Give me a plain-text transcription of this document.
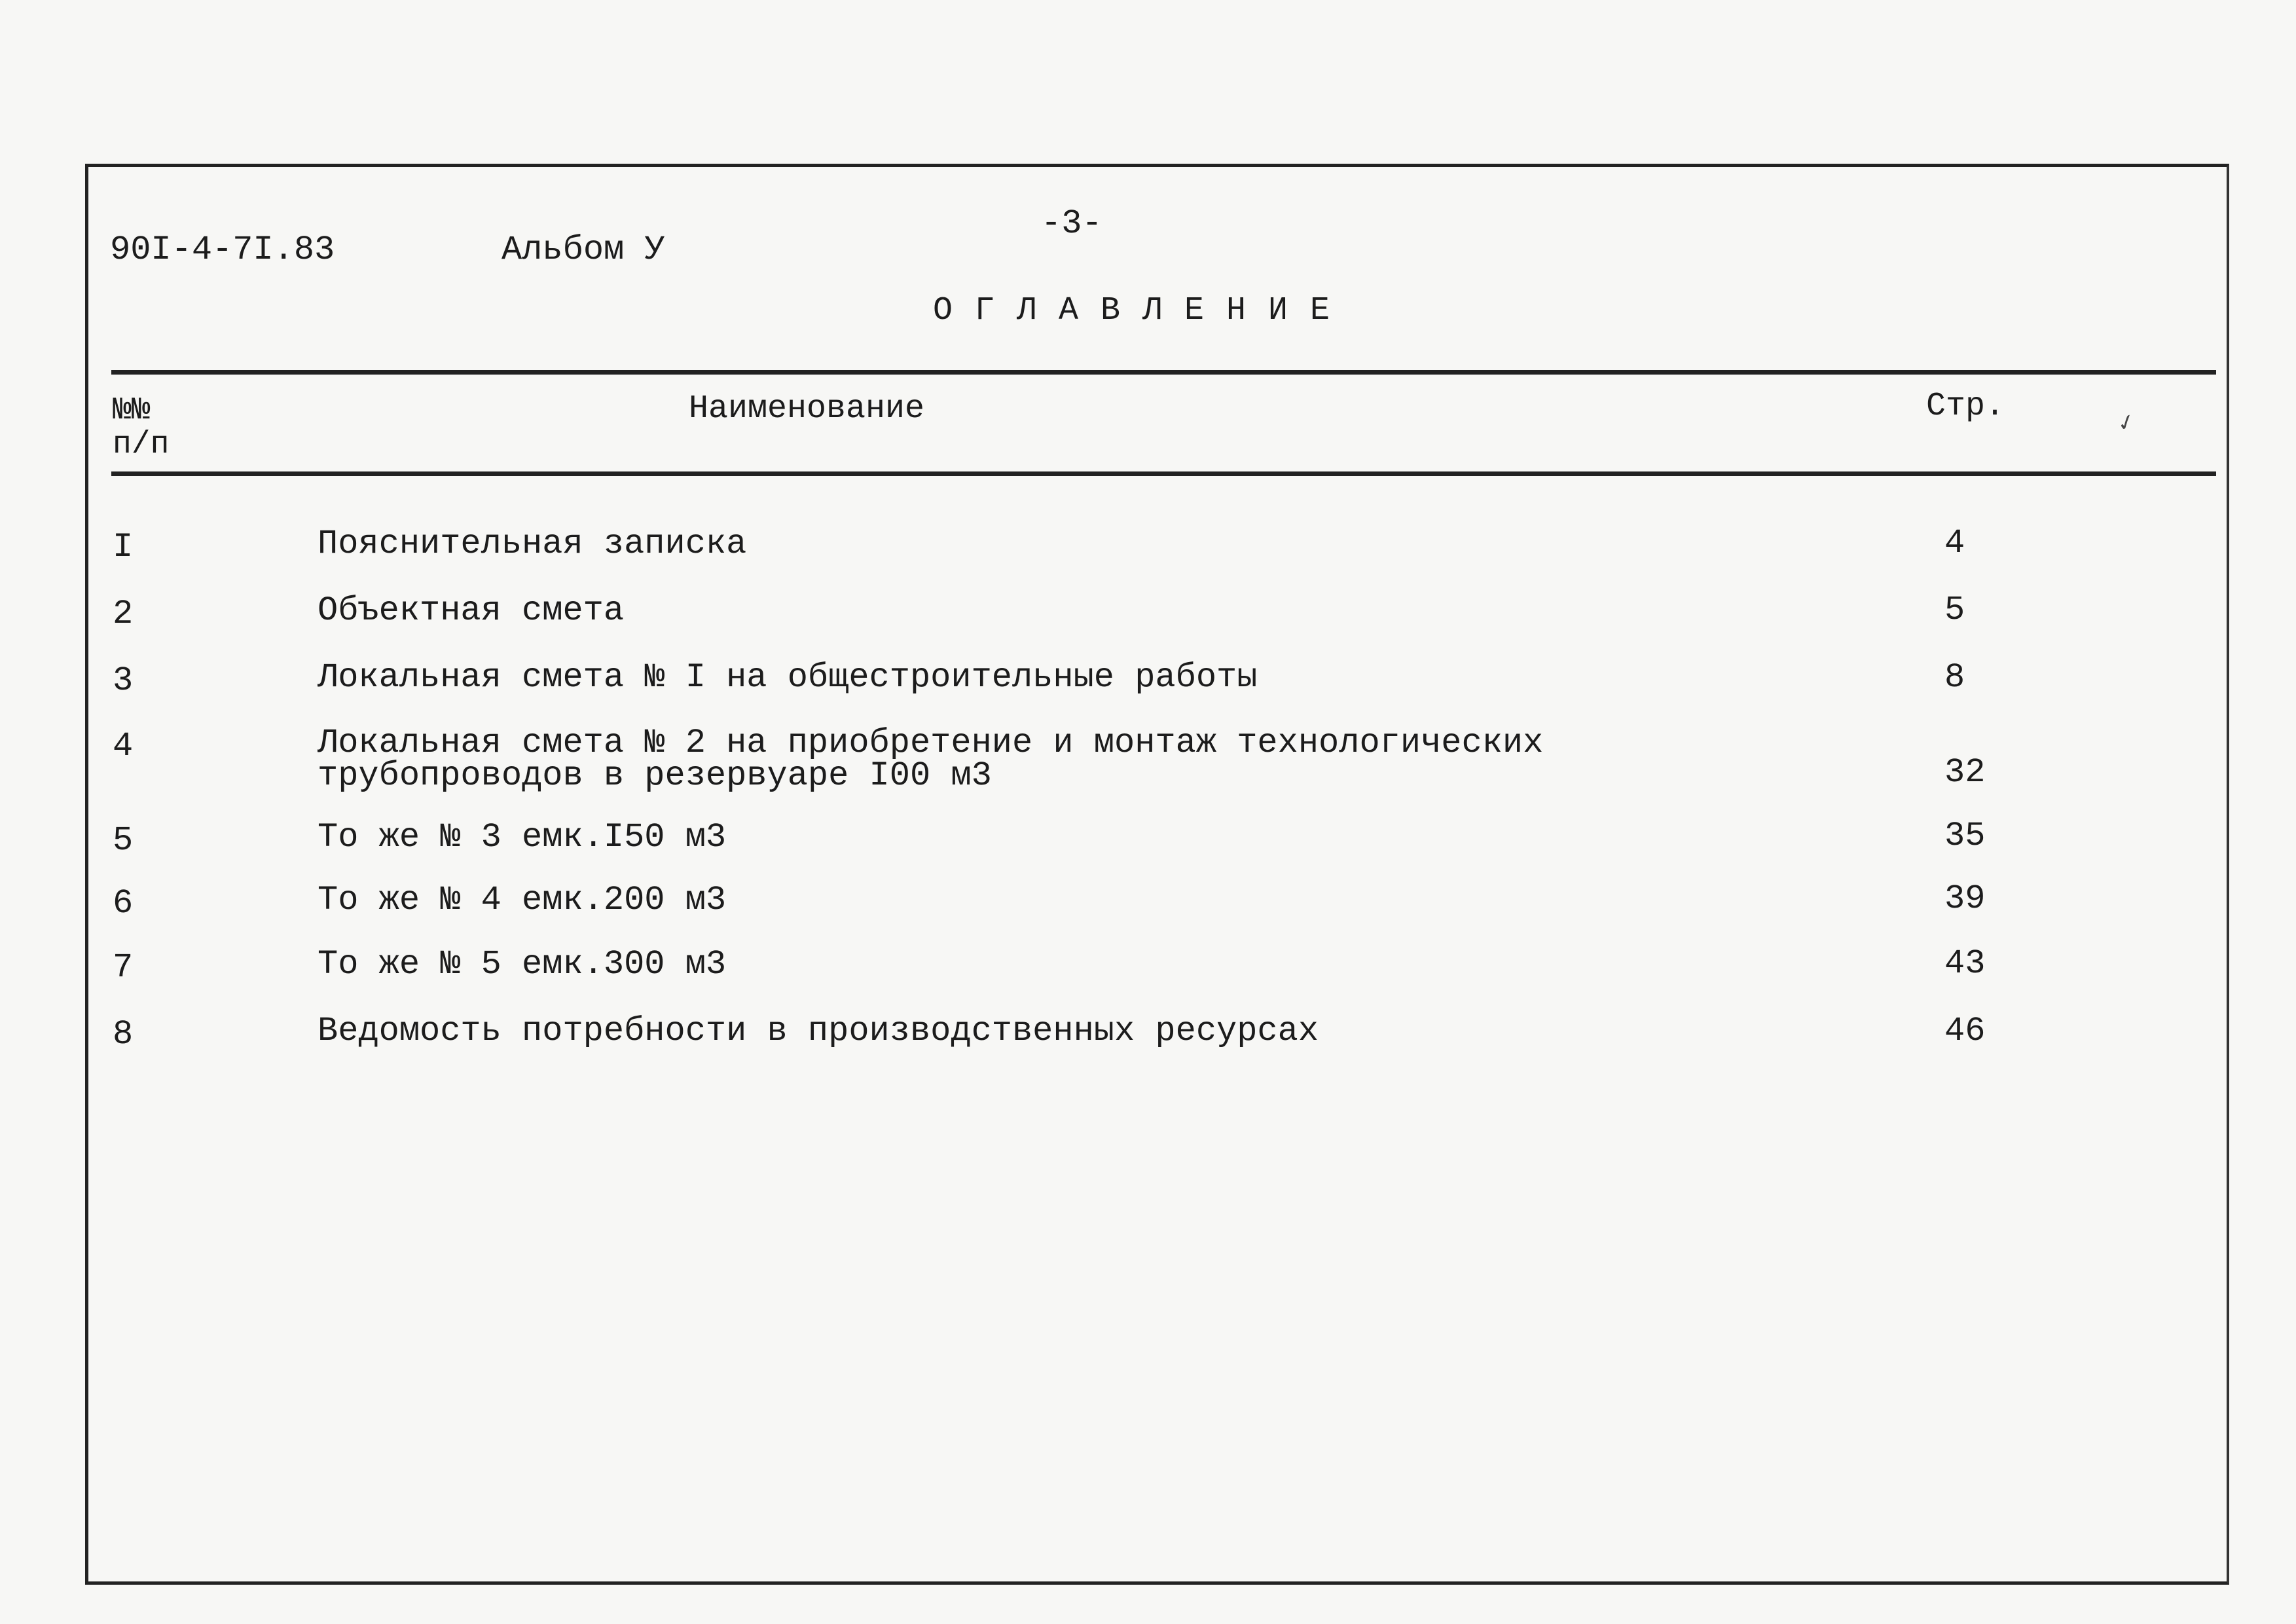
90I-4-7I.83	Альбом У
-3-
ОГЛАВЛЕНИЕ
№№
п/п
Наименование	Стр.	✓
I	Пояснительная записка	4
2	Объектная смета	5
3	Локальная смета № I на общестроительные работы	8
4	Локальная смета № 2 на приобретение и монтаж технологических
трубопроводов в резервуаре I00 м3	32
5	То же № 3 емк.I50 м3	35
6	То же № 4 емк.200 м3	39
7	То же № 5 емк.300 м3	43
8	Ведомость потребности в производственных ресурсах	46
